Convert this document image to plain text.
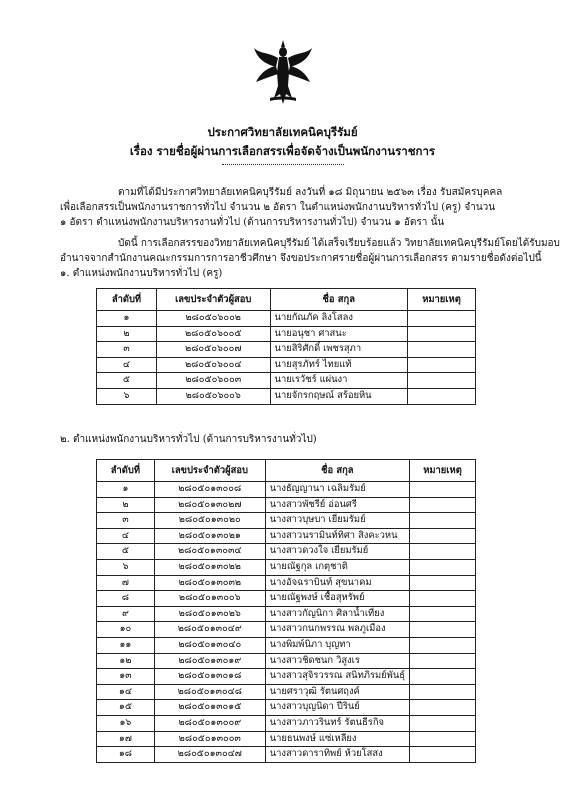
ประกาศวิทยาลัยเทคนิคบุรีรัมย์
เรื่อง รายชื่อผู้ผ่านการเลือกสรรเพื่อจัดจ้างเป็นพนักงานราชการ
ตามที่ได้มีประกาศวิทยาลัยเทคนิคบุรีรัมย์ ลงวันที่ ๑๘ มิถุนายน ๒๕๖๓ เรื่อง รับสมัครบุคคล
เพื่อเลือกสรรเป็นพนักงานราชการทั่วไป จำนวน ๒ อัตรา ในตำแหน่งพนักงานบริหารทั่วไป (ครู) จำนวน
๑ อัตรา ตำแหน่งพนักงานบริหารงานทั่วไป (ด้านการบริหารงานทั่วไป) จำนวน ๑ อัตรา นั้น
บัดนี้ การเลือกสรรของวิทยาลัยเทคนิคบุรีรัมย์ ได้เสร็จเรียบร้อยแล้ว วิทยาลัยเทคนิคบุรีรัมย์โดยได้รับมอบ
อำนาจจากสำนักงานคณะกรรมการการอาชีวศึกษา จึงขอประกาศรายชื่อผู้ผ่านการเลือกสรร ตามรายชื่อดังต่อไปนี้
๑. ตำแหน่งพนักงานบริหารทั่วไป (ครู)
ลำดับที่	เลขประจำตัวผู้สอบ	ชื่อ สกุล	หมายเหตุ
๑	๒๘๐๕๐๖๐๐๒	นายกัณภัค ลิงโสลง	
๒	๒๘๐๕๐๖๐๐๕	นายอนุชา ศาสนะ	
๓	๒๘๐๕๐๖๐๐๗	นายสิริศักดิ์ เพชรสุภา	
๔	๒๘๐๕๐๖๐๐๔	นายสุรภัทร์ ไทยแท้	
๕	๒๘๐๕๐๖๐๐๓	นายเรวัชร์ แผ่นงา	
๖	๒๘๐๕๐๖๐๐๖	นายจักรกฤษณ์ สร้อยหิน	
๒. ตำแหน่งพนักงานบริหารทั่วไป (ด้านการบริหารงานทั่วไป)
ลำดับที่	เลขประจำตัวผู้สอบ	ชื่อ สกุล	หมายเหตุ
๑	๒๘๐๕๐๑๓๐๐๘	นางธัญญานา เฉลิมรัมย์	
๒	๒๘๐๕๐๑๓๐๒๗	นางสาวพัชรีย์ อ่อนศรี	
๓	๒๘๐๕๐๑๓๐๒๐	นางสาวบุษบา เยี่ยมรัมย์	
๔	๒๘๐๕๐๑๓๐๒๑	นางสาวนรามินท์ทิศา สิงคะวหน	
๕	๒๘๐๕๐๑๓๐๓๔	นางสาวดวงใจ เยี่ยมรัมย์	
๖	๒๘๐๕๐๑๓๐๒๒	นายณัฐกุล เกตุชาติ	
๗	๒๘๐๕๐๑๓๐๓๒	นางอัจฉราบินท์ สุขนาคม	
๘	๒๘๐๕๐๑๓๐๐๖	นายณัฐพงษ์ เชื้อสุหรัพย์	
๙	๒๘๐๕๐๑๓๐๒๖	นางสาวกัญนิกา ศิลาน้ำเที่ยง	
๑๐	๒๘๐๕๐๑๓๐๔๙	นางสาวกนกพรรณ พลภูเมือง	
๑๑	๒๘๐๕๐๑๓๐๔๐	นางพิมพ์นิภา บุญทา	
๑๒	๒๘๐๕๐๑๓๐๑๙	นางสาวชิดชนก วิสูงเร	
๑๓	๒๘๐๕๐๑๓๐๑๘	นางสาวสุจิรวรรณ สนิทภิรมย์พันธุ์	
๑๔	๒๘๐๕๐๑๓๐๔๘	นายศราวุฒิ รัตนศฤงค์	
๑๕	๒๘๐๕๐๑๓๐๑๕	นางสาวบุญนิดา ปีรินย์	
๑๖	๒๘๐๕๐๑๓๐๐๙	นางสาวภาวรินทร์ รัตนธีรกิจ	
๑๗	๒๘๐๕๐๑๓๐๐๓	นายธนพงษ์ แซ่เหลียง	
๑๘	๒๘๐๕๐๑๓๐๔๗	นางสาวดาราทิพย์ ห้วยโสสง	
